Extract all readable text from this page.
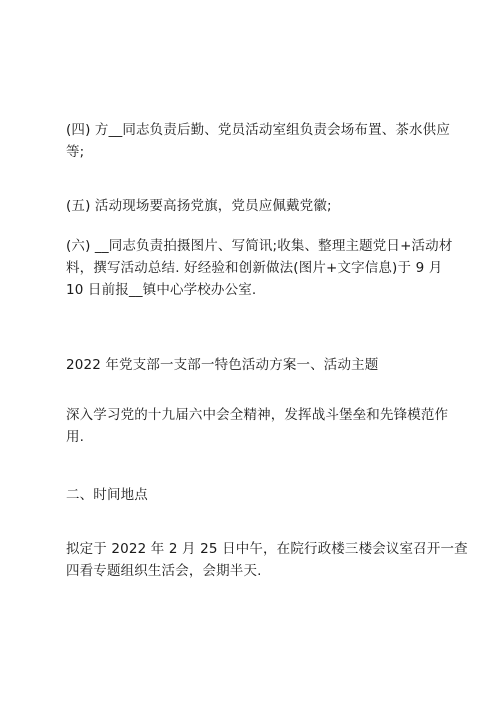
(四) 方__同志负责后勤、党员活动室组负责会场布置、茶水供应
等;

(五) 活动现场要高扬党旗，党员应佩戴党徽;

(六) __同志负责拍摄图片、写简讯;收集、整理主题党日+活动材
料，撰写活动总结. 好经验和创新做法(图片+文字信息)于 9 月
10 日前报__镇中心学校办公室.

2022 年党支部一支部一特色活动方案一、活动主题

深入学习党的十九届六中会全精神，发挥战斗堡垒和先锋模范作
用.

二、时间地点

拟定于 2022 年 2 月 25 日中午，在院行政楼三楼会议室召开一查
四看专题组织生活会，会期半天.
